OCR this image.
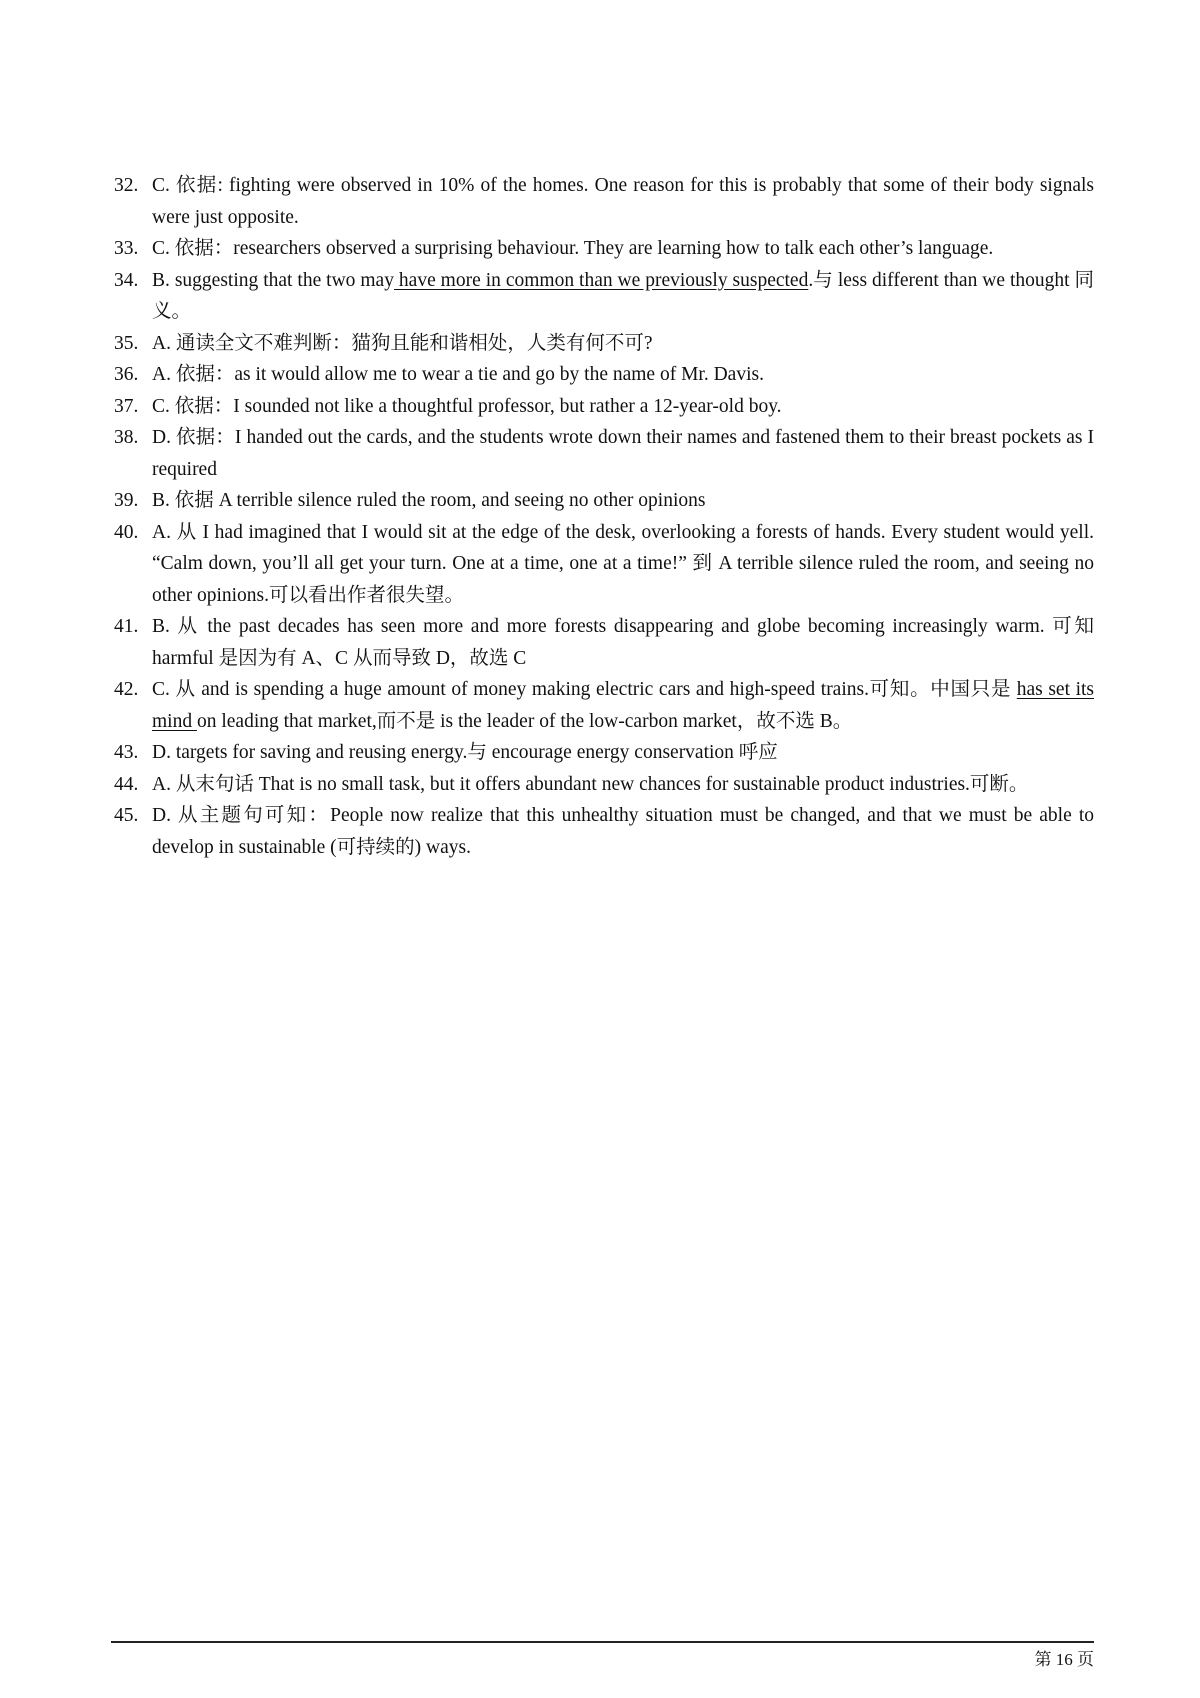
32. C. 依据: fighting were observed in 10% of the homes. One reason for this is probably that some of their body signals were just opposite.
33. C. 依据：researchers observed a surprising behaviour. They are learning how to talk each other’s language.
34. B. suggesting that the two may have more in common than we previously suspected.与 less different than we thought 同义。
35. A. 通读全文不难判断：猫狗且能和谐相处，人类有何不可?
36. A. 依据：as it would allow me to wear a tie and go by the name of Mr. Davis.
37. C. 依据：I sounded not like a thoughtful professor, but rather a 12-year-old boy.
38. D. 依据：I handed out the cards, and the students wrote down their names and fastened them to their breast pockets as I required
39. B. 依据 A terrible silence ruled the room, and seeing no other opinions
40. A. 从 I had imagined that I would sit at the edge of the desk, overlooking a forests of hands. Every student would yell. “Calm down, you’ll all get your turn. One at a time, one at a time!” 到 A terrible silence ruled the room, and seeing no other opinions.可以看出作者很失望。
41. B. 从 the past decades has seen more and more forests disappearing and globe becoming increasingly warm. 可知 harmful 是因为有 A、C 从而导致 D，故选 C
42. C. 从 and is spending a huge amount of money making electric cars and high-speed trains.可知。中国只是 has set its mind on leading that market,而不是 is the leader of the low-carbon market，故不选 B。
43. D. targets for saving and reusing energy.与 encourage energy conservation 呼应
44. A. 从末句话 That is no small task, but it offers abundant new chances for sustainable product industries.可断。
45. D. 从主题句可知：People now realize that this unhealthy situation must be changed, and that we must be able to develop in sustainable (可持续的) ways.
第 16 页
